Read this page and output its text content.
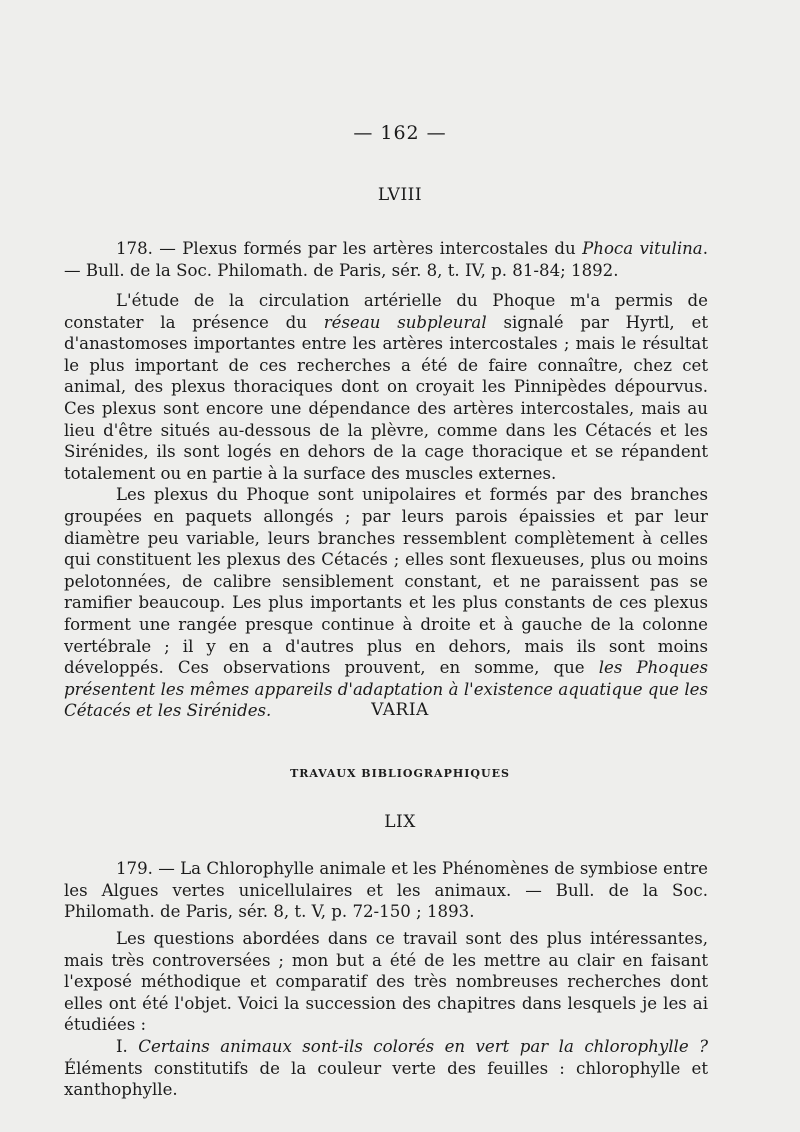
— 162 —
LVIII

178. — Plexus formés par les artères intercostales du Phoca vitulina. — Bull. de la Soc. Philomath. de Paris, sér. 8, t. IV, p. 81-84; 1892.

L'étude de la circulation artérielle du Phoque m'a permis de constater la présence du réseau subpleural signalé par Hyrtl, et d'anastomoses importantes entre les artères intercostales ; mais le résultat le plus important de ces recherches a été de faire connaître, chez cet animal, des plexus thoraciques dont on croyait les Pinnipèdes dépourvus. Ces plexus sont encore une dépendance des artères intercostales, mais au lieu d'être situés au-dessous de la plèvre, comme dans les Cétacés et les Sirénides, ils sont logés en dehors de la cage thoracique et se répandent totalement ou en partie à la surface des muscles externes.

Les plexus du Phoque sont unipolaires et formés par des branches groupées en paquets allongés ; par leurs parois épaissies et par leur diamètre peu variable, leurs branches ressemblent complètement à celles qui constituent les plexus des Cétacés ; elles sont flexueuses, plus ou moins pelotonnées, de calibre sensiblement constant, et ne paraissent pas se ramifier beaucoup. Les plus importants et les plus constants de ces plexus forment une rangée presque continue à droite et à gauche de la colonne vertébrale ; il y en a d'autres plus en dehors, mais ils sont moins développés. Ces observations prouvent, en somme, que les Phoques présentent les mêmes appareils d'adaptation à l'existence aquatique que les Cétacés et les Sirénides.	VARIA
TRAVAUX BIBLIOGRAPHIQUES
LIX

179. — La Chlorophylle animale et les Phénomènes de symbiose entre les Algues vertes unicellulaires et les animaux. — Bull. de la Soc. Philomath. de Paris, sér. 8, t. V, p. 72-150 ; 1893.

Les questions abordées dans ce travail sont des plus intéressantes, mais très controversées ; mon but a été de les mettre au clair en faisant l'exposé méthodique et comparatif des très nombreuses recherches dont elles ont été l'objet. Voici la succession des chapitres dans lesquels je les ai étudiées :

I. Certains animaux sont-ils colorés en vert par la chlorophylle ? Éléments constitutifs de la couleur verte des feuilles : chlorophylle et xanthophylle.
